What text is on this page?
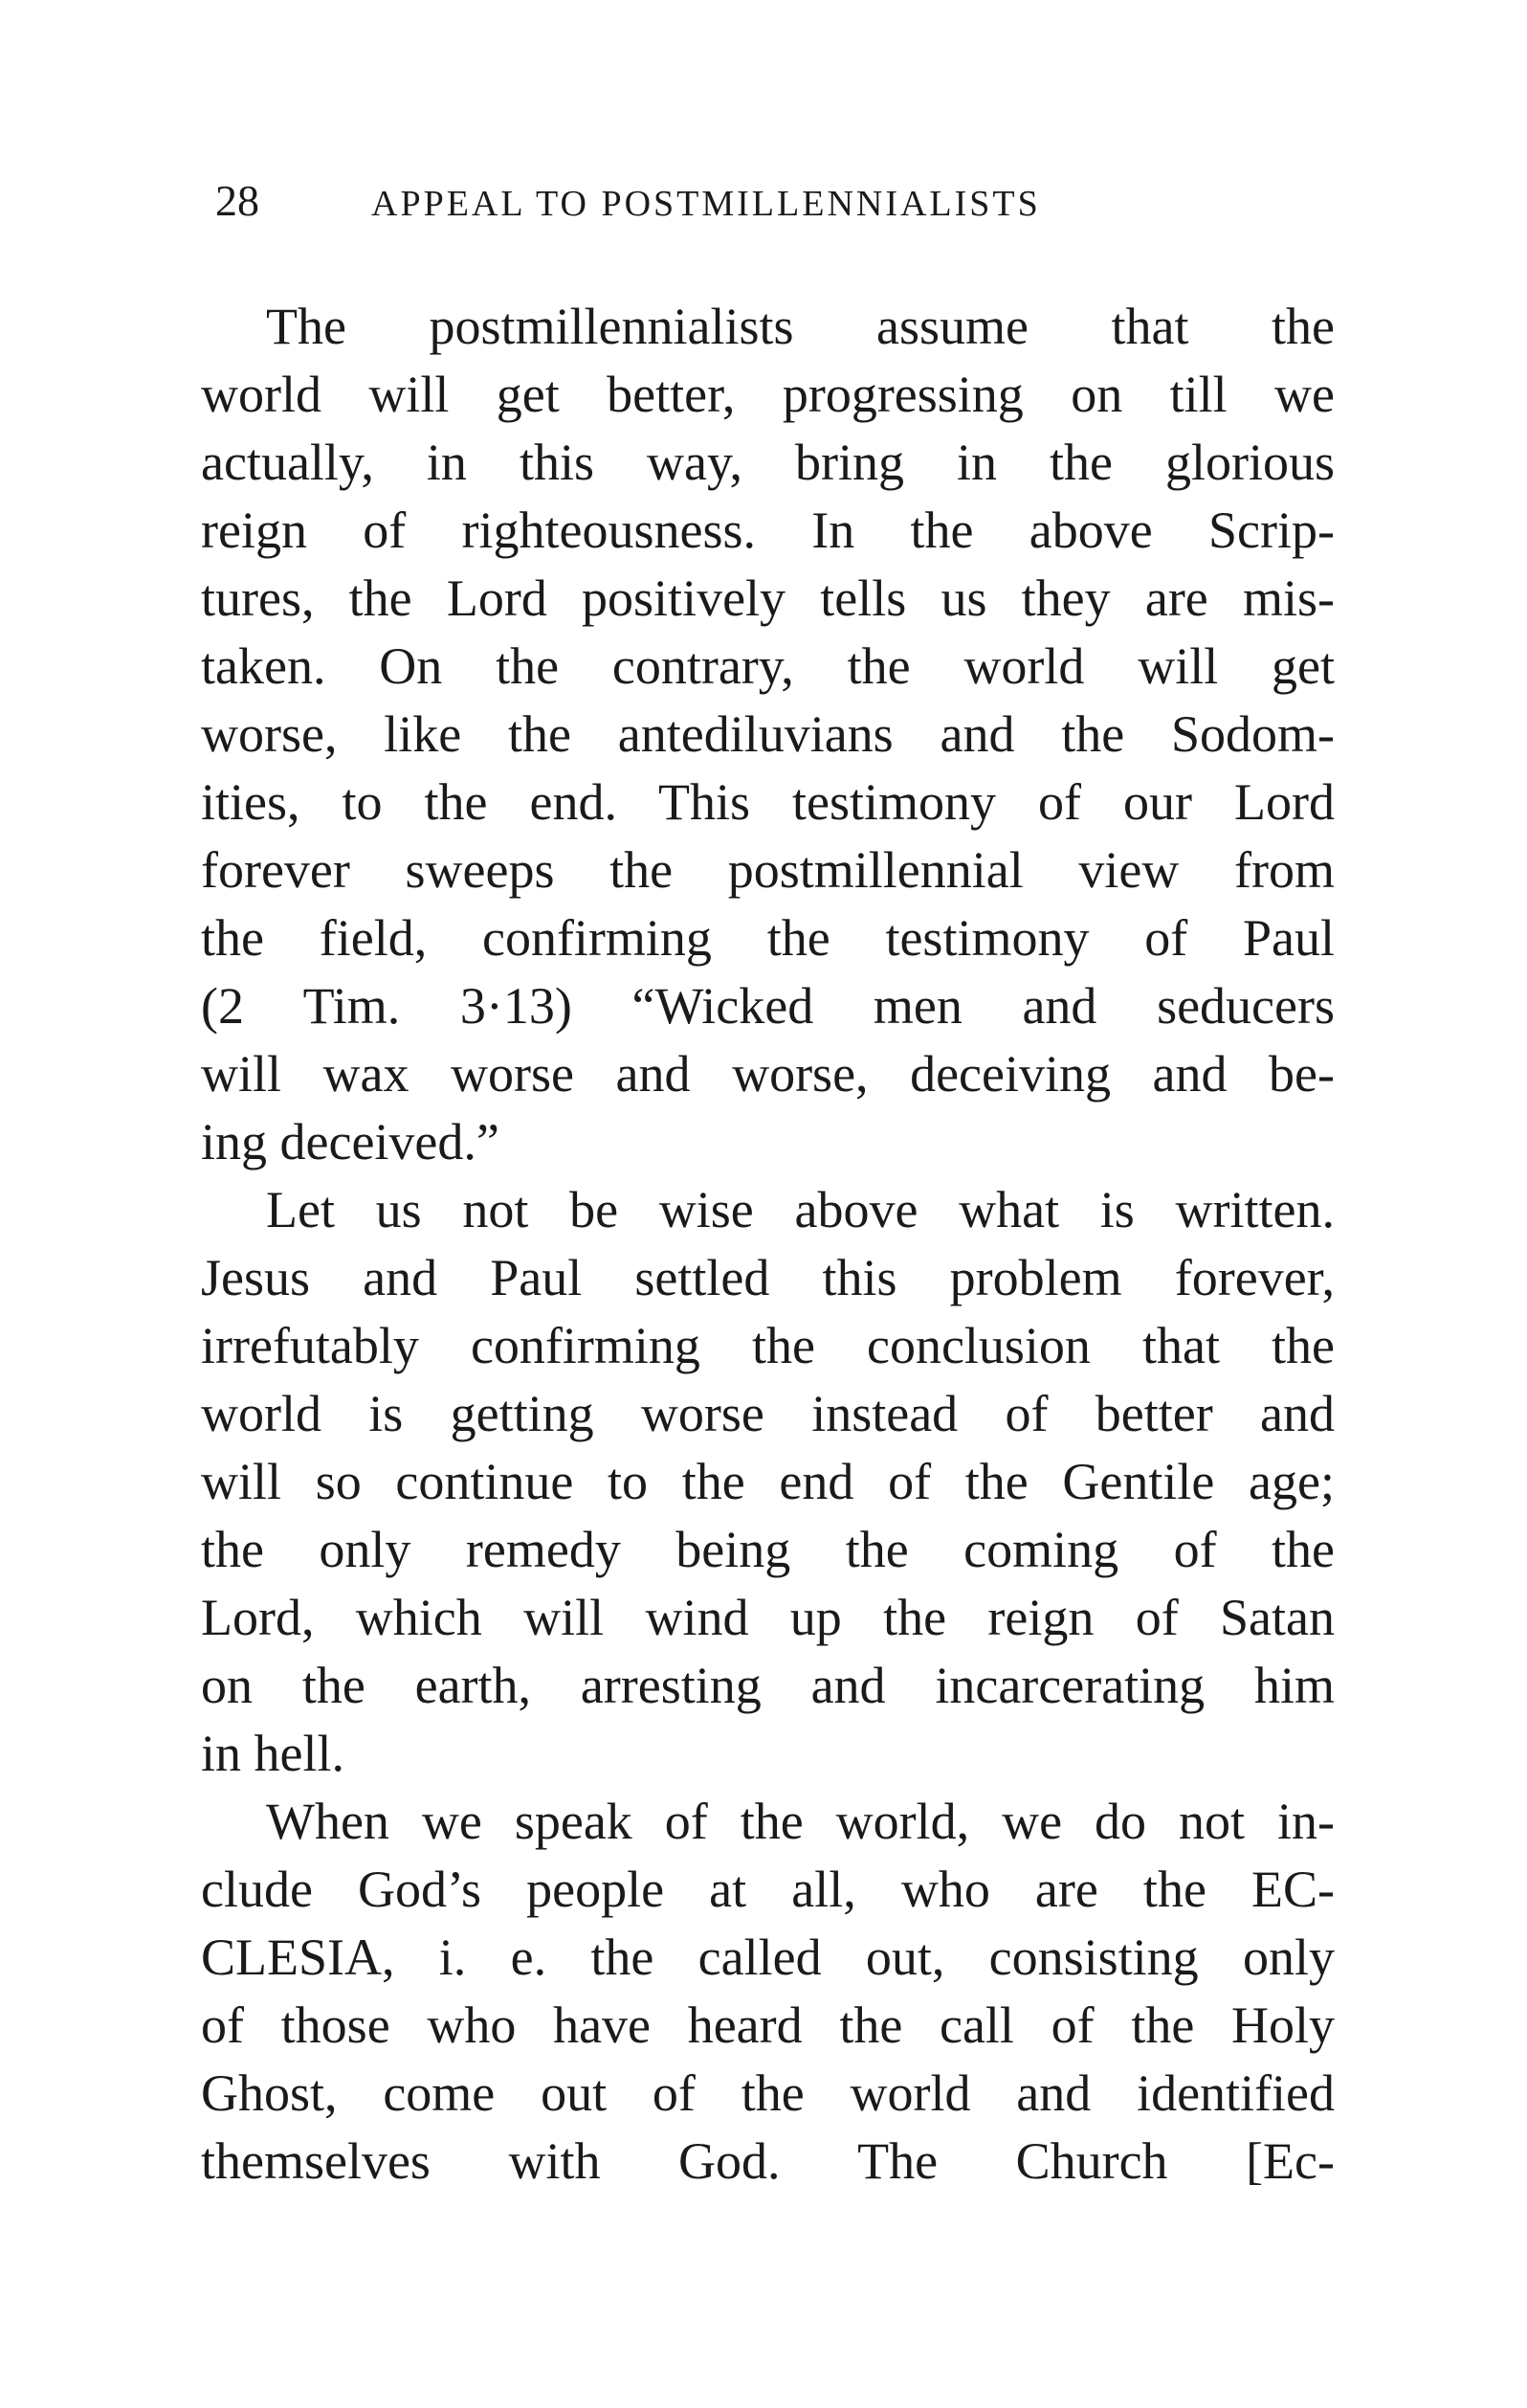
28	APPEAL TO POSTMILLENNIALISTS
The postmillennialists assume that the
world will get better, progressing on till we
actually, in this way, bring in the glorious
reign of righteousness. In the above Scrip-
tures, the Lord positively tells us they are mis-
taken. On the contrary, the world will get
worse, like the antediluvians and the Sodom-
ities, to the end. This testimony of our Lord
forever sweeps the postmillennial view from
the field, confirming the testimony of Paul
(2 Tim. 3·13) “Wicked men and seducers
will wax worse and worse, deceiving and be-
ing deceived.”
Let us not be wise above what is written.
Jesus and Paul settled this problem forever,
irrefutably confirming the conclusion that the
world is getting worse instead of better and
will so continue to the end of the Gentile age;
the only remedy being the coming of the
Lord, which will wind up the reign of Satan
on the earth, arresting and incarcerating him
in hell.
When we speak of the world, we do not in-
clude God’s people at all, who are the EC-
CLESIA, i. e. the called out, consisting only
of those who have heard the call of the Holy
Ghost, come out of the world and identified
themselves with God. The Church [Ec-
